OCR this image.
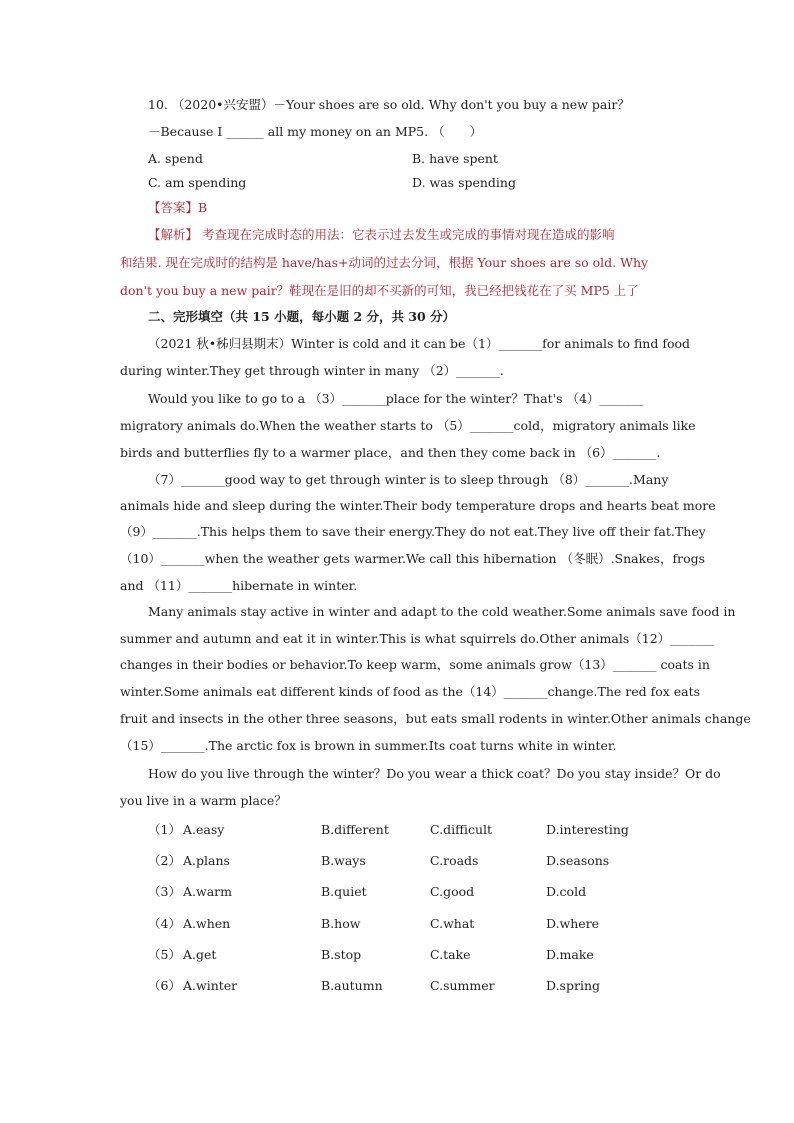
10. （2020•兴安盟）－Your shoes are so old. Why don't you buy a new pair？
－Because I ______ all my money on an MP5. （　　）
A. spend	B. have spent
C. am spending	D. was spending
【答案】B
【解析】 考查现在完成时态的用法：它表示过去发生或完成的事情对现在造成的影响
和结果. 现在完成时的结构是 have/has+动词的过去分词，根据 Your shoes are so old. Why
don't you buy a new pair？鞋现在是旧的却不买新的可知，我已经把钱花在了买 MP5 上了
二、完形填空（共 15 小题，每小题 2 分，共 30 分）
（2021 秋•秭归县期末）Winter is cold and it can be（1）_______for animals to find food
during winter.They get through winter in many （2）_______.
Would you like to go to a （3）_______place for the winter？That's （4）_______
migratory animals do.When the weather starts to （5）_______cold，migratory animals like
birds and butterflies fly to a warmer place，and then they come back in （6）_______.
（7）_______good way to get through winter is to sleep through （8）_______.Many
animals hide and sleep during the winter.Their body temperature drops and hearts beat more
（9）_______.This helps them to save their energy.They do not eat.They live off their fat.They
（10）_______when the weather gets warmer.We call this hibernation （冬眠）.Snakes，frogs
and （11）_______hibernate in winter.
Many animals stay active in winter and adapt to the cold weather.Some animals save food in
summer and autumn and eat it in winter.This is what squirrels do.Other animals（12）_______
changes in their bodies or behavior.To keep warm，some animals grow（13）_______ coats in
winter.Some animals eat different kinds of food as the（14）_______change.The red fox eats
fruit and insects in the other three seasons，but eats small rodents in winter.Other animals change
（15）_______.The arctic fox is brown in summer.Its coat turns white in winter.
How do you live through the winter？Do you wear a thick coat？Do you stay inside？Or do
you live in a warm place？
（1） A.easy	B.different	C.difficult	D.interesting
（2） A.plans	B.ways	C.roads	D.seasons
（3） A.warm	B.quiet	C.good	D.cold
（4） A.when	B.how	C.what	D.where
（5） A.get	B.stop	C.take	D.make
（6） A.winter	B.autumn	C.summer	D.spring
